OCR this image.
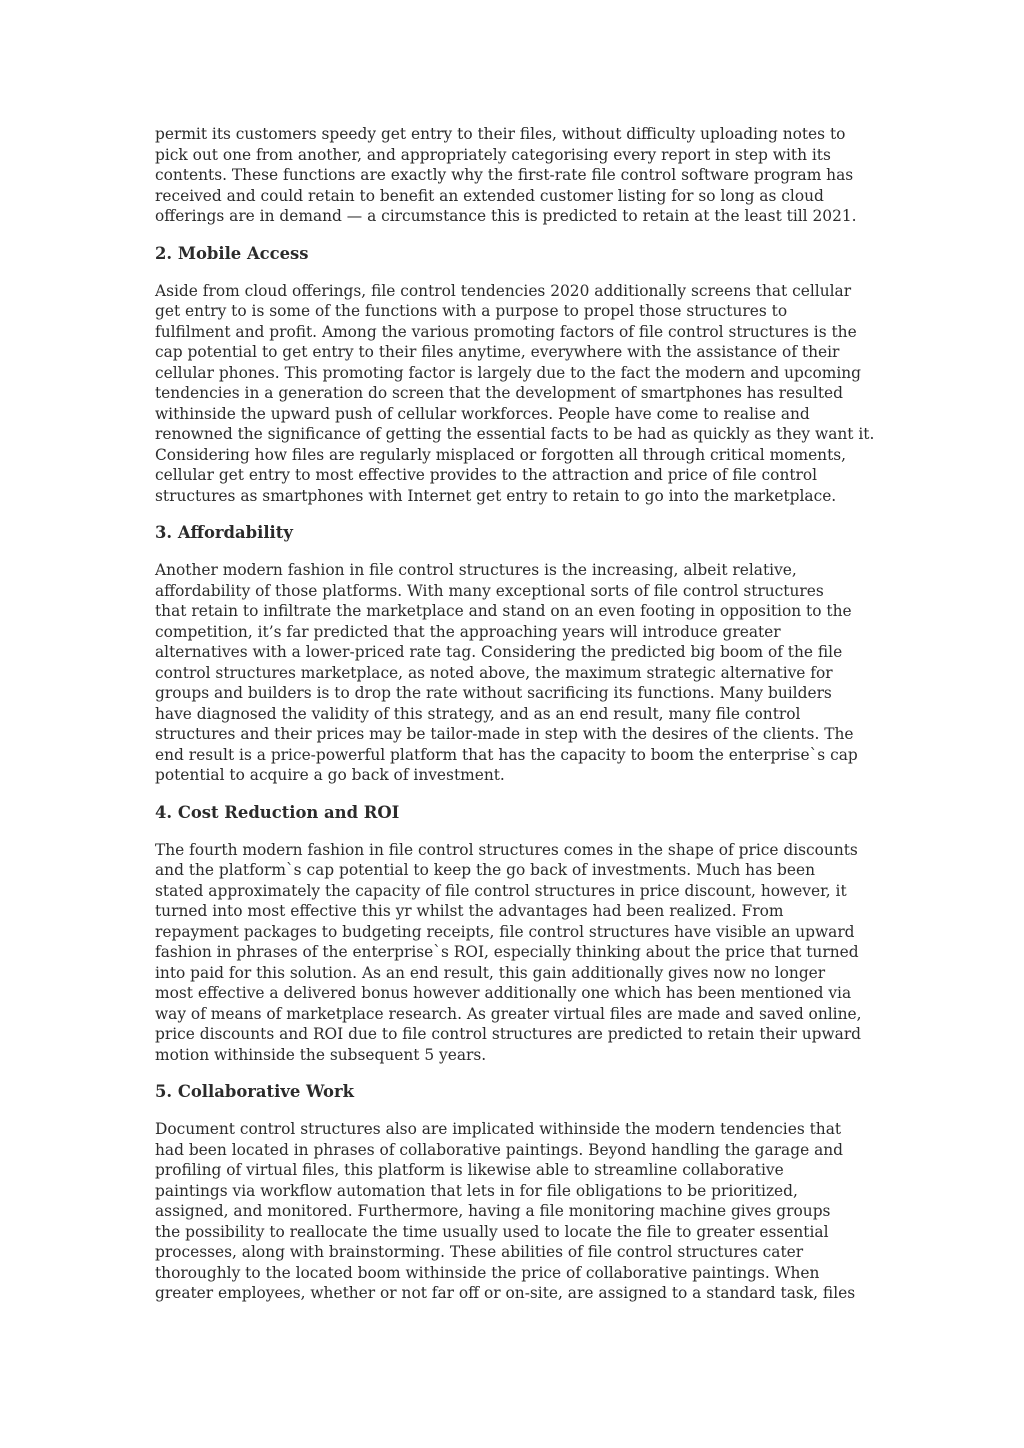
permit its customers speedy get entry to their files, without difficulty uploading notes to
pick out one from another, and appropriately categorising every report in step with its
contents. These functions are exactly why the first-rate file control software program has
received and could retain to benefit an extended customer listing for so long as cloud
offerings are in demand — a circumstance this is predicted to retain at the least till 2021.

2. Mobile Access

Aside from cloud offerings, file control tendencies 2020 additionally screens that cellular
get entry to is some of the functions with a purpose to propel those structures to
fulfilment and profit. Among the various promoting factors of file control structures is the
cap potential to get entry to their files anytime, everywhere with the assistance of their
cellular phones. This promoting factor is largely due to the fact the modern and upcoming
tendencies in a generation do screen that the development of smartphones has resulted
withinside the upward push of cellular workforces. People have come to realise and
renowned the significance of getting the essential facts to be had as quickly as they want it.
Considering how files are regularly misplaced or forgotten all through critical moments,
cellular get entry to most effective provides to the attraction and price of file control
structures as smartphones with Internet get entry to retain to go into the marketplace.

3. Affordability

Another modern fashion in file control structures is the increasing, albeit relative,
affordability of those platforms. With many exceptional sorts of file control structures
that retain to infiltrate the marketplace and stand on an even footing in opposition to the
competition, it’s far predicted that the approaching years will introduce greater
alternatives with a lower-priced rate tag. Considering the predicted big boom of the file
control structures marketplace, as noted above, the maximum strategic alternative for
groups and builders is to drop the rate without sacrificing its functions. Many builders
have diagnosed the validity of this strategy, and as an end result, many file control
structures and their prices may be tailor-made in step with the desires of the clients. The
end result is a price-powerful platform that has the capacity to boom the enterprise`s cap
potential to acquire a go back of investment.

4. Cost Reduction and ROI

The fourth modern fashion in file control structures comes in the shape of price discounts
and the platform`s cap potential to keep the go back of investments. Much has been
stated approximately the capacity of file control structures in price discount, however, it
turned into most effective this yr whilst the advantages had been realized. From
repayment packages to budgeting receipts, file control structures have visible an upward
fashion in phrases of the enterprise`s ROI, especially thinking about the price that turned
into paid for this solution. As an end result, this gain additionally gives now no longer
most effective a delivered bonus however additionally one which has been mentioned via
way of means of marketplace research. As greater virtual files are made and saved online,
price discounts and ROI due to file control structures are predicted to retain their upward
motion withinside the subsequent 5 years.

5. Collaborative Work

Document control structures also are implicated withinside the modern tendencies that
had been located in phrases of collaborative paintings. Beyond handling the garage and
profiling of virtual files, this platform is likewise able to streamline collaborative
paintings via workflow automation that lets in for file obligations to be prioritized,
assigned, and monitored. Furthermore, having a file monitoring machine gives groups
the possibility to reallocate the time usually used to locate the file to greater essential
processes, along with brainstorming. These abilities of file control structures cater
thoroughly to the located boom withinside the price of collaborative paintings. When
greater employees, whether or not far off or on-site, are assigned to a standard task, files
